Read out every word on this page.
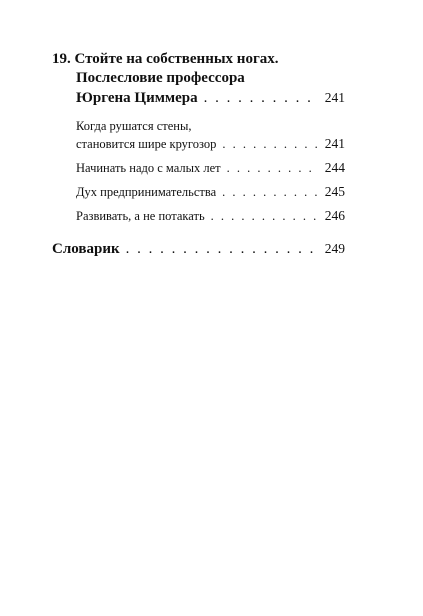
19. Стойте на собственных ногах.
Послесловие профессора
Юргена Циммера . . .	241
Когда рушатся стены,
становится шире кругозор . . .	241
Начинать надо с малых лет . . .	244
Дух предпринимательства . . .	245
Развивать, а не потакать . . .	246
Словарик . . .	249
